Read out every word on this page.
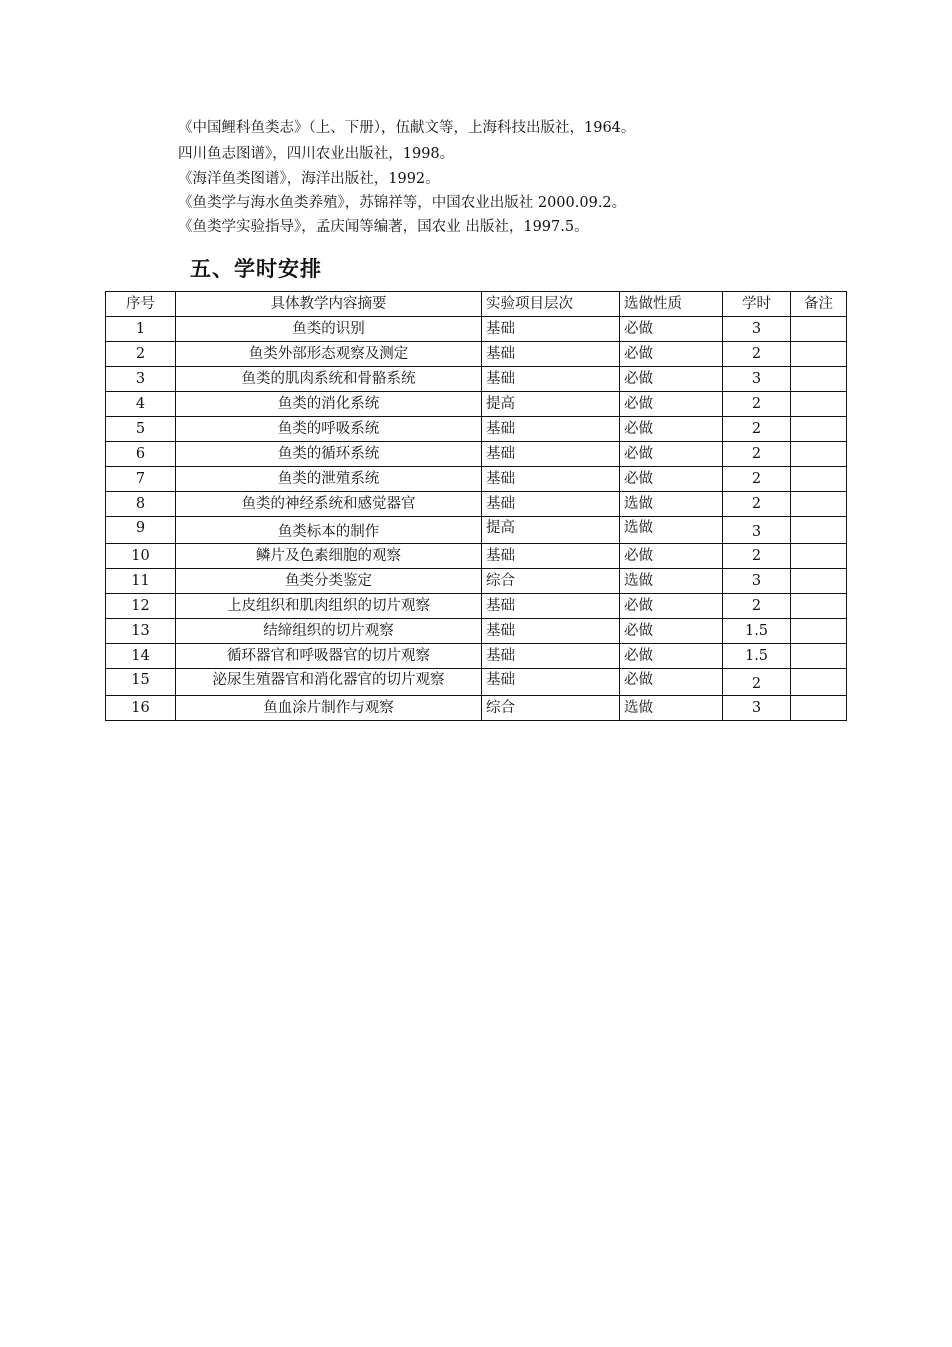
《中国鲤科鱼类志》（上、下册），伍献文等，上海科技出版社，1964。
四川鱼志图谱》，四川农业出版社，1998。
《海洋鱼类图谱》，海洋出版社，1992。
《鱼类学与海水鱼类养殖》，苏锦祥等，中国农业出版社 2000.09.2。
《鱼类学实验指导》，孟庆闻等编著，国农业 出版社，1997.5。
五、学时安排
序号	具体教学内容摘要	实验项目层次	选做性质	学时	备注
1	鱼类的识别	基础	必做	3	
2	鱼类外部形态观察及测定	基础	必做	2	
3	鱼类的肌肉系统和骨骼系统	基础	必做	3	
4	鱼类的消化系统	提高	必做	2	
5	鱼类的呼吸系统	基础	必做	2	
6	鱼类的循环系统	基础	必做	2	
7	鱼类的泄殖系统	基础	必做	2	
8	鱼类的神经系统和感觉器官	基础	选做	2	
9	鱼类标本的制作	提高	选做	3	
10	鳞片及色素细胞的观察	基础	必做	2	
11	鱼类分类鉴定	综合	选做	3	
12	上皮组织和肌肉组织的切片观察	基础	必做	2	
13	结缔组织的切片观察	基础	必做	1.5	
14	循环器官和呼吸器官的切片观察	基础	必做	1.5	
15	泌尿生殖器官和消化器官的切片观察	基础	必做	2	
16	鱼血涂片制作与观察	综合	选做	3	
